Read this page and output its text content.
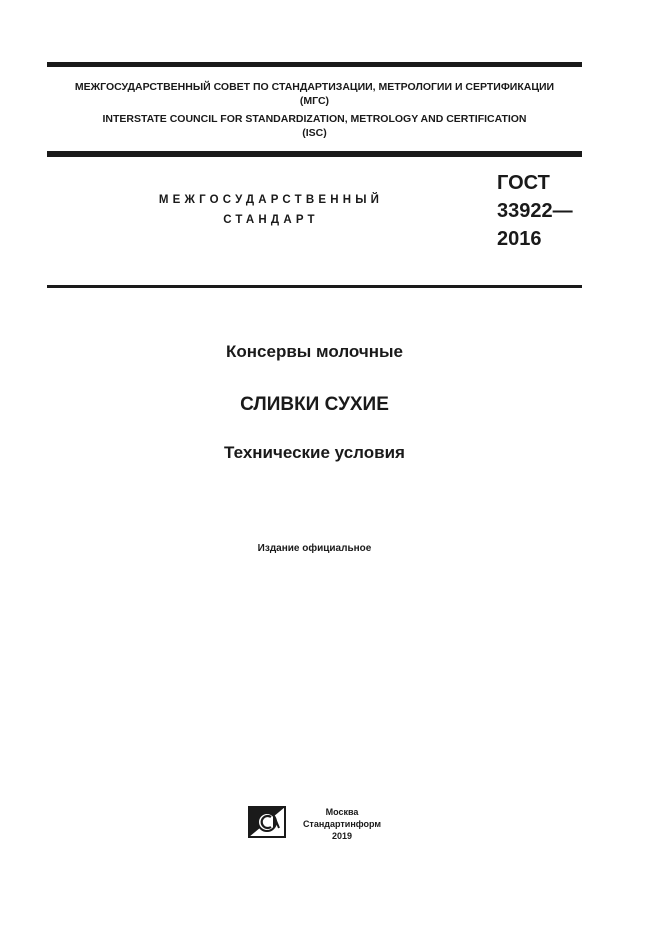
МЕЖГОСУДАРСТВЕННЫЙ СОВЕТ ПО СТАНДАРТИЗАЦИИ, МЕТРОЛОГИИ И СЕРТИФИКАЦИИ
(МГС)
INTERSTATE COUNCIL FOR STANDARDIZATION, METROLOGY AND CERTIFICATION
(ISC)
МЕЖГОСУДАРСТВЕННЫЙ
СТАНДАРТ
ГОСТ
33922—
2016
Консервы молочные
СЛИВКИ СУХИЕ
Технические условия
Издание официальное
Москва
Стандартинформ
2019
